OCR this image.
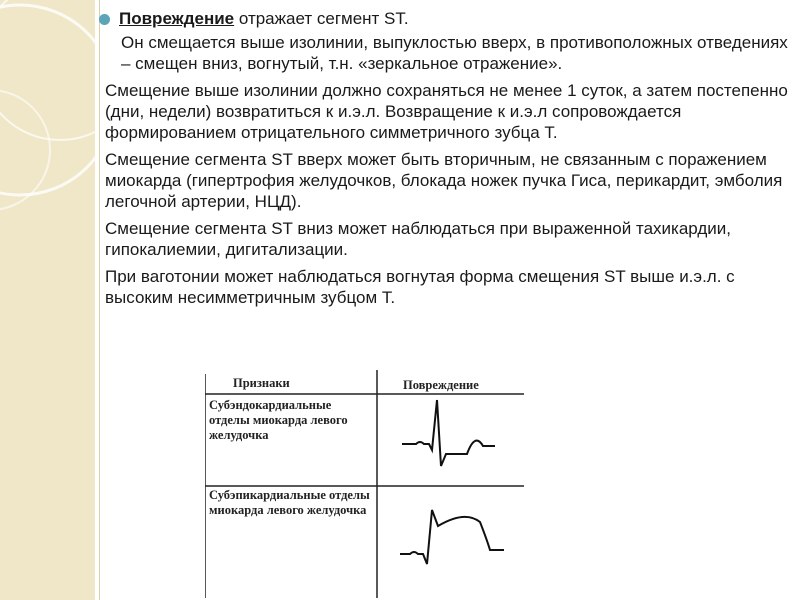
Повреждение отражает сегмент ST.

Он смещается выше изолинии, выпуклостью вверх, в противоположных отведениях – смещен вниз, вогнутый, т.н. «зеркальное отражение».

Смещение выше изолинии должно сохраняться не менее 1 суток, а затем постепенно (дни, недели) возвратиться к и.э.л. Возвращение к и.э.л сопровождается формированием отрицательного симметричного зубца Т.

Смещение сегмента ST вверх может быть вторичным, не связанным с поражением миокарда (гипертрофия желудочков, блокада ножек пучка Гиса, перикардит, эмболия легочной артерии, НЦД).

Смещение сегмента ST вниз может наблюдаться при выраженной тахикардии, гипокалиемии, дигитализации.

При ваготонии может наблюдаться вогнутая форма смещения ST выше и.э.л. с высоким несимметричным зубцом Т.

Признаки	Повреждение
Субэндокардиальные отделы миокарда левого желудочка
Субэпикардиальные отделы миокарда левого желудочка
